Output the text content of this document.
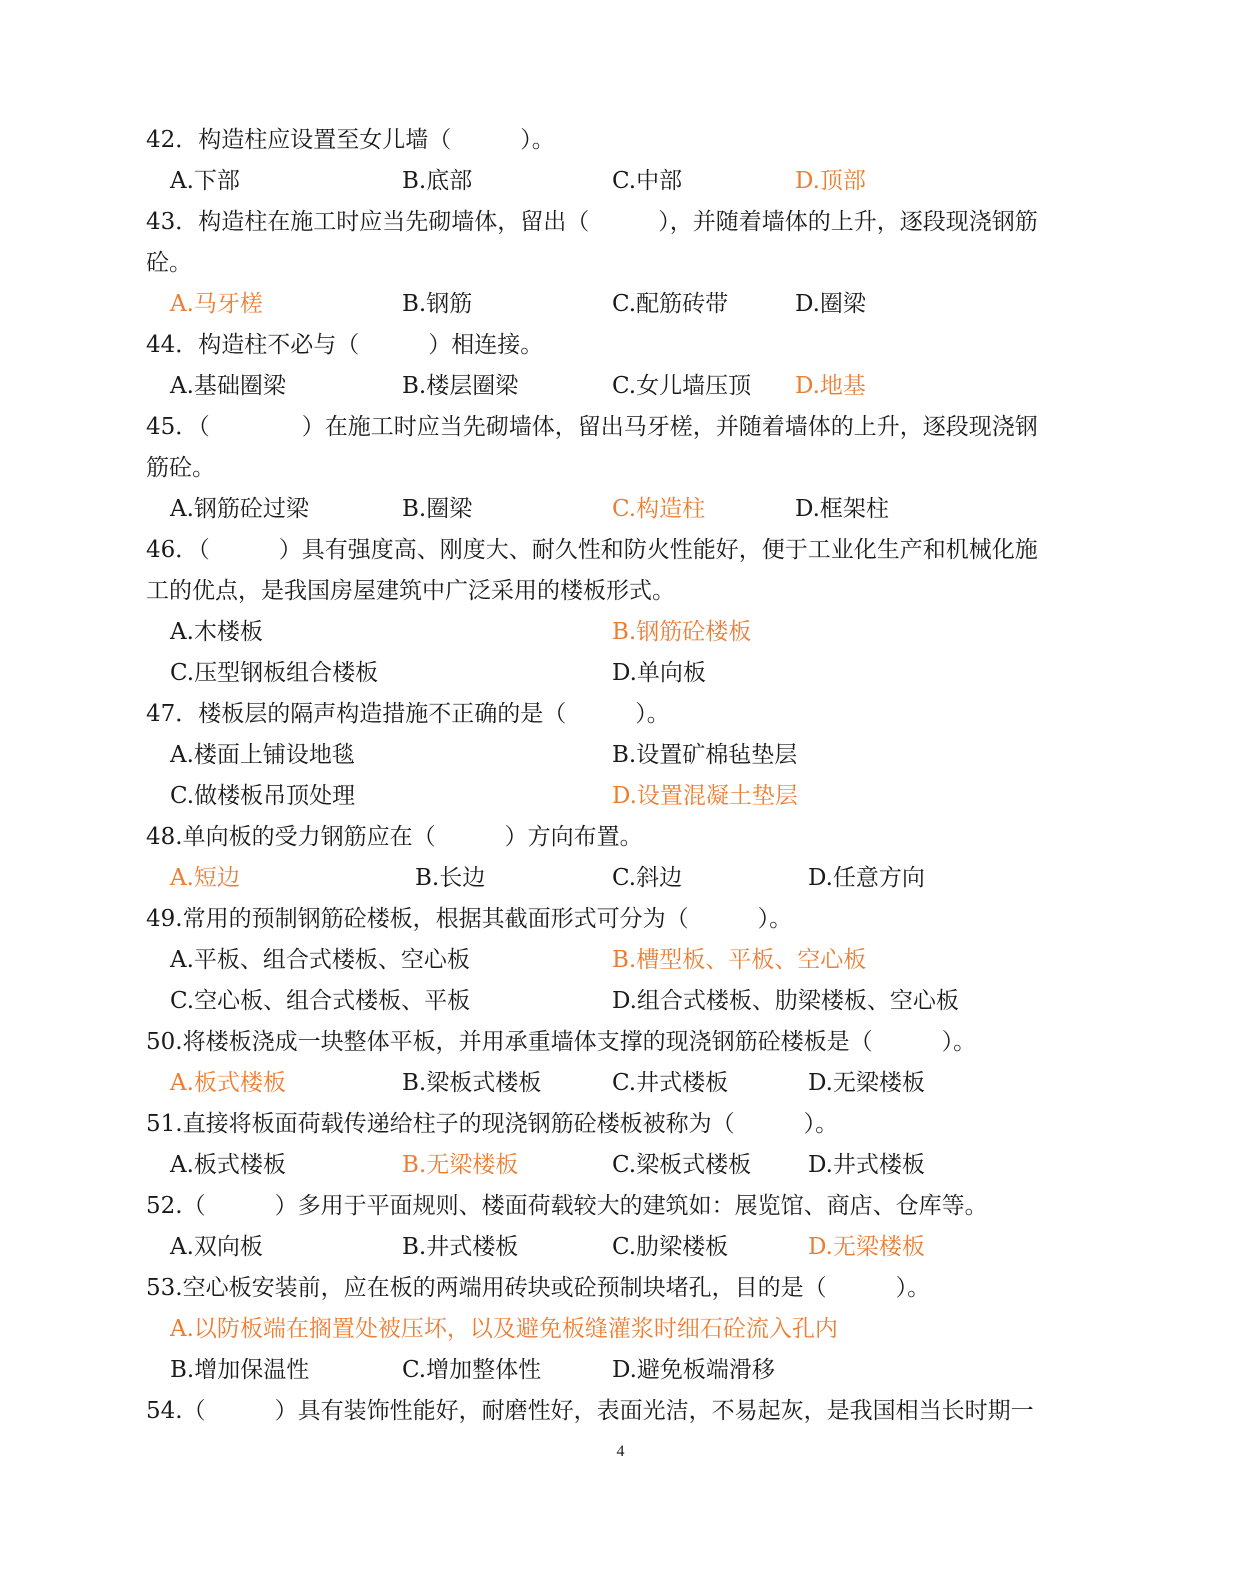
42．构造柱应设置至女儿墙（　　　）。
A.下部	B.底部	C.中部	D.顶部
43．构造柱在施工时应当先砌墙体，留出（　　　），并随着墙体的上升，逐段现浇钢筋
砼。
A.马牙槎	B.钢筋	C.配筋砖带	D.圈梁
44．构造柱不必与（　　　）相连接。
A.基础圈梁	B.楼层圈梁	C.女儿墙压顶 D.地基
45．（　　　　）在施工时应当先砌墙体，留出马牙槎，并随着墙体的上升，逐段现浇钢
筋砼。
A.钢筋砼过梁	B.圈梁	C.构造柱	D.框架柱
46．（　　　）具有强度高、刚度大、耐久性和防火性能好，便于工业化生产和机械化施
工的优点，是我国房屋建筑中广泛采用的楼板形式。
A.木楼板	B.钢筋砼楼板
C.压型钢板组合楼板	D.单向板
47．楼板层的隔声构造措施不正确的是（　　　）。
A.楼面上铺设地毯	B.设置矿棉毡垫层
C.做楼板吊顶处理	D.设置混凝土垫层
48.单向板的受力钢筋应在（　　　）方向布置。
A.短边	B.长边	C.斜边	D.任意方向
49.常用的预制钢筋砼楼板，根据其截面形式可分为（　　　）。
A.平板、组合式楼板、空心板	B.槽型板、平板、空心板
C.空心板、组合式楼板、平板	D.组合式楼板、肋梁楼板、空心板
50.将楼板浇成一块整体平板，并用承重墙体支撑的现浇钢筋砼楼板是（　　　）。
A.板式楼板	B.梁板式楼板	C.井式楼板	D.无梁楼板
51.直接将板面荷载传递给柱子的现浇钢筋砼楼板被称为（　　　）。
A.板式楼板	B.无梁楼板	C.梁板式楼板 D.井式楼板
52.（　　　）多用于平面规则、楼面荷载较大的建筑如：展览馆、商店、仓库等。
A.双向板	B.井式楼板	C.肋梁楼板	D.无梁楼板
53.空心板安装前，应在板的两端用砖块或砼预制块堵孔，目的是（　　　）。
A.以防板端在搁置处被压坏，以及避免板缝灌浆时细石砼流入孔内
B.增加保温性	C.增加整体性	D.避免板端滑移
54.（　　　）具有装饰性能好，耐磨性好，表面光洁，不易起灰，是我国相当长时期一
4
